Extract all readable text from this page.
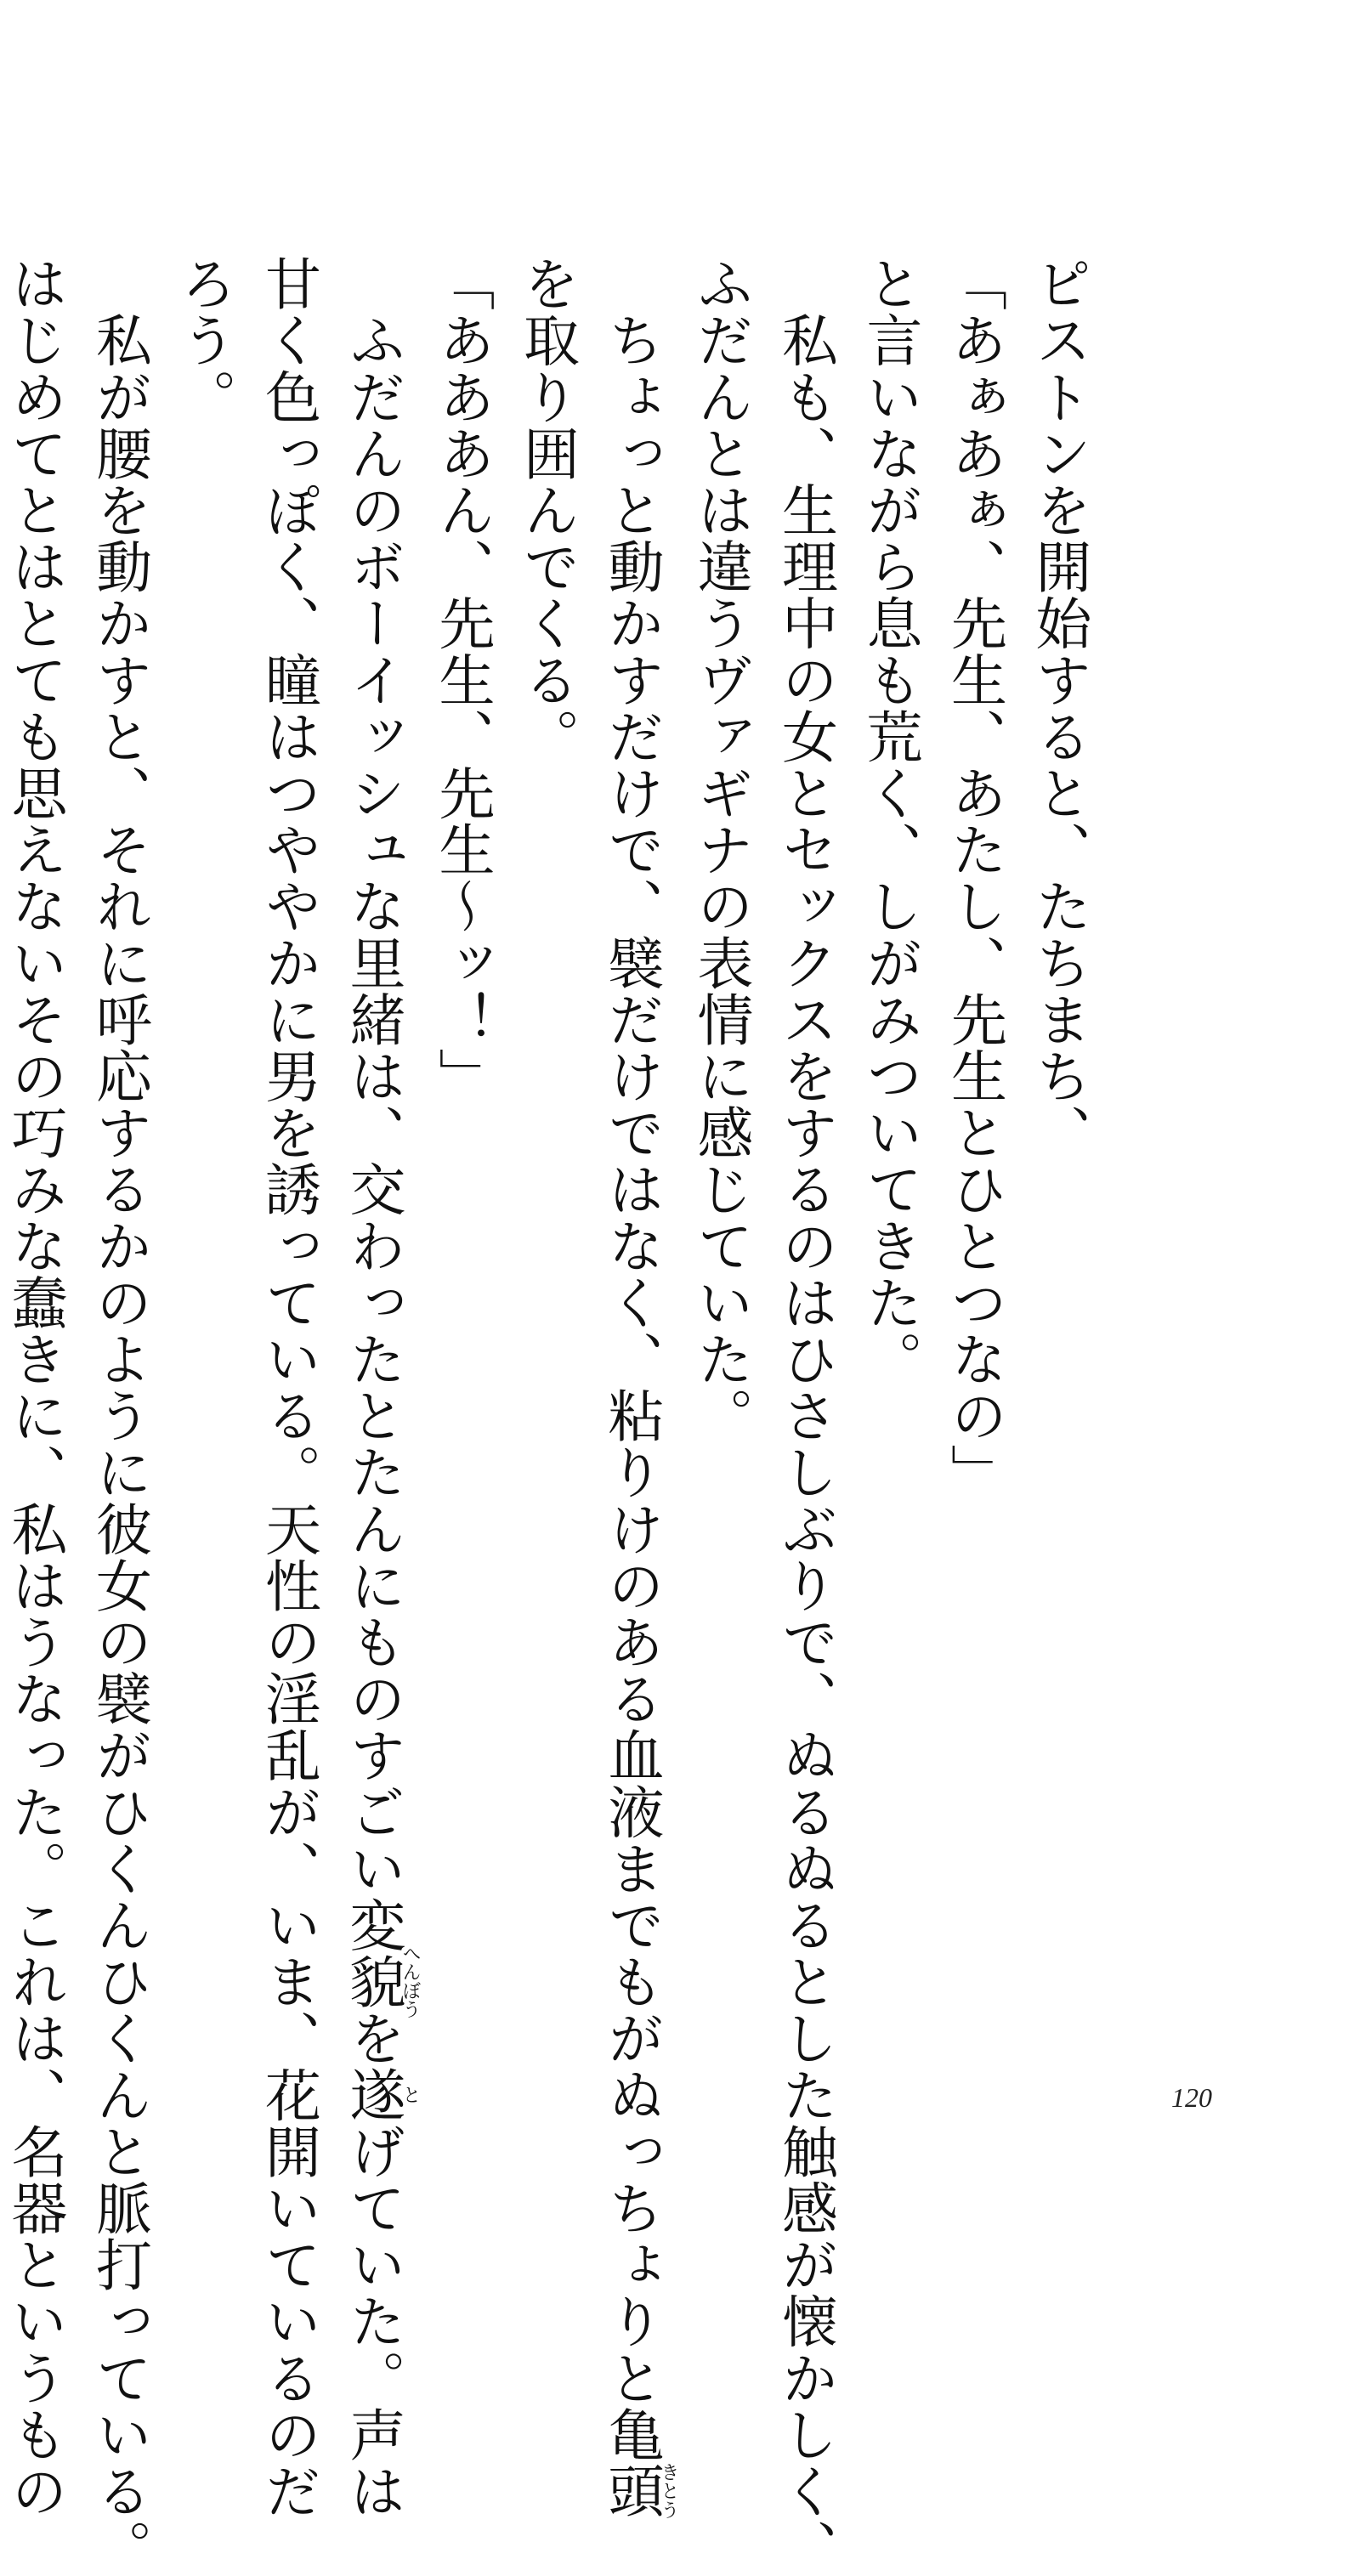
ピストンを開始すると、たちまち、
「あぁあぁ、先生、あたし、先生とひとつなの」
と言いながら息も荒く、しがみついてきた。
　私も、生理中の女とセックスをするのはひさしぶりで、ぬるぬるとした触感が懐かしく、
ふだんとは違うヴァギナの表情に感じていた。
　ちょっと動かすだけで、襞だけではなく、粘りけのある血液までもがぬっちょりと亀頭きとう
を取り囲んでくる。
「あああん、先生、先生〜ッ！」
　ふだんのボーイッシュな里緒は、交わったとたんにものすごい変貌へんぼうを遂とげていた。声は
甘く色っぽく、瞳はつややかに男を誘っている。天性の淫乱が、いま、花開いているのだ
ろう。
　私が腰を動かすと、それに呼応するかのように彼女の襞がひくんひくんと脈打っている。
はじめてとはとても思えないその巧みな蠢きに、私はうなった。これは、名器というもの	120
